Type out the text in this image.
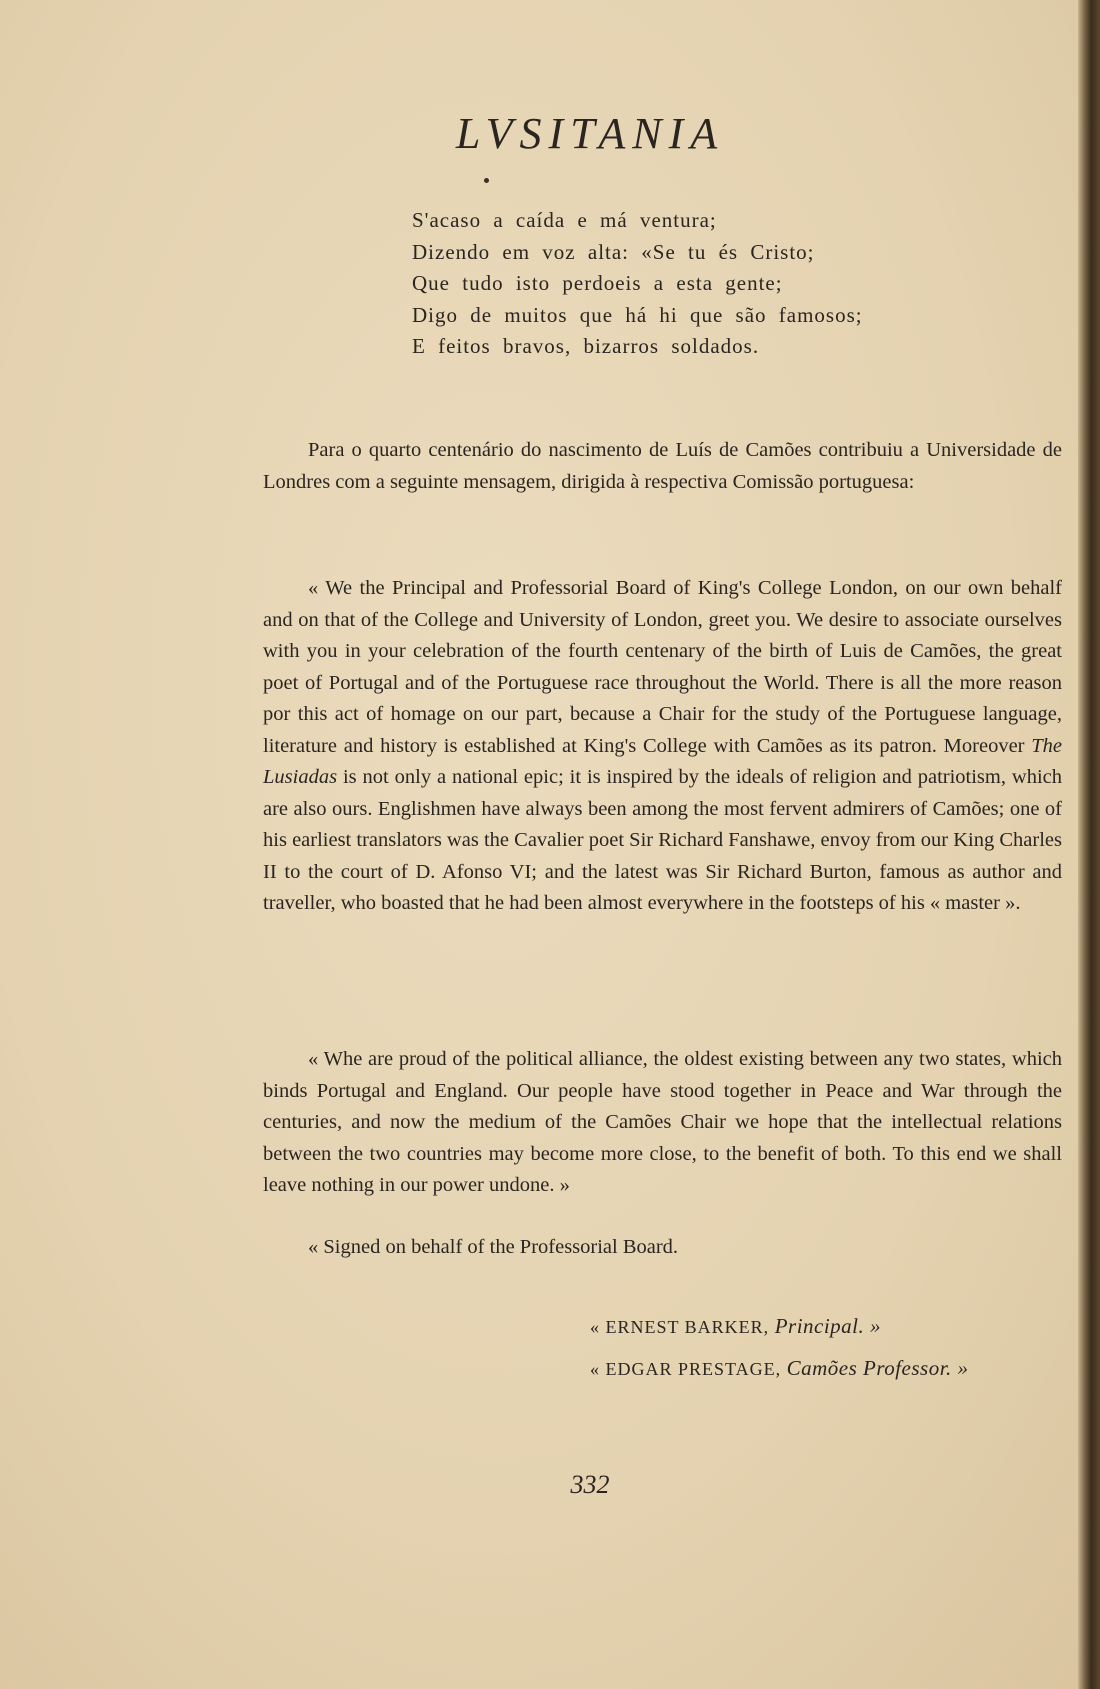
LVSITANIA
S'acaso a caída e má ventura;
Dizendo em voz alta: «Se tu és Cristo;
Que tudo isto perdoeis a esta gente;
Digo de muitos que há hi que são famosos;
E feitos bravos, bizarros soldados.

Para o quarto centenário do nascimento de Luís de Camões contribuiu a Universidade de Londres com a seguinte mensagem, dirigida à respectiva Comissão portuguesa:

« We the Principal and Professorial Board of King's College London, on our own behalf and on that of the College and University of London, greet you. We desire to associate ourselves with you in your celebration of the fourth centenary of the birth of Luis de Camões, the great poet of Portugal and of the Portuguese race throughout the World. There is all the more reason por this act of homage on our part, because a Chair for the study of the Portuguese language, literature and history is established at King's College with Camões as its patron. Moreover The Lusiadas is not only a national epic; it is inspired by the ideals of religion and patriotism, which are also ours. Englishmen have always been among the most fervent admirers of Camões; one of his earliest translators was the Cavalier poet Sir Richard Fanshawe, envoy from our King Charles II to the court of D. Afonso VI; and the latest was Sir Richard Burton, famous as author and traveller, who boasted that he had been almost everywhere in the footsteps of his « master ».

« Whe are proud of the political alliance, the oldest existing between any two states, which binds Portugal and England. Our people have stood together in Peace and War through the centuries, and now the medium of the Camões Chair we hope that the intellectual relations between the two countries may become more close, to the benefit of both. To this end we shall leave nothing in our power undone. »

« Signed on behalf of the Professorial Board.

« ERNEST BARKER, Principal. »
« EDGAR PRESTAGE, Camões Professor. »
332
